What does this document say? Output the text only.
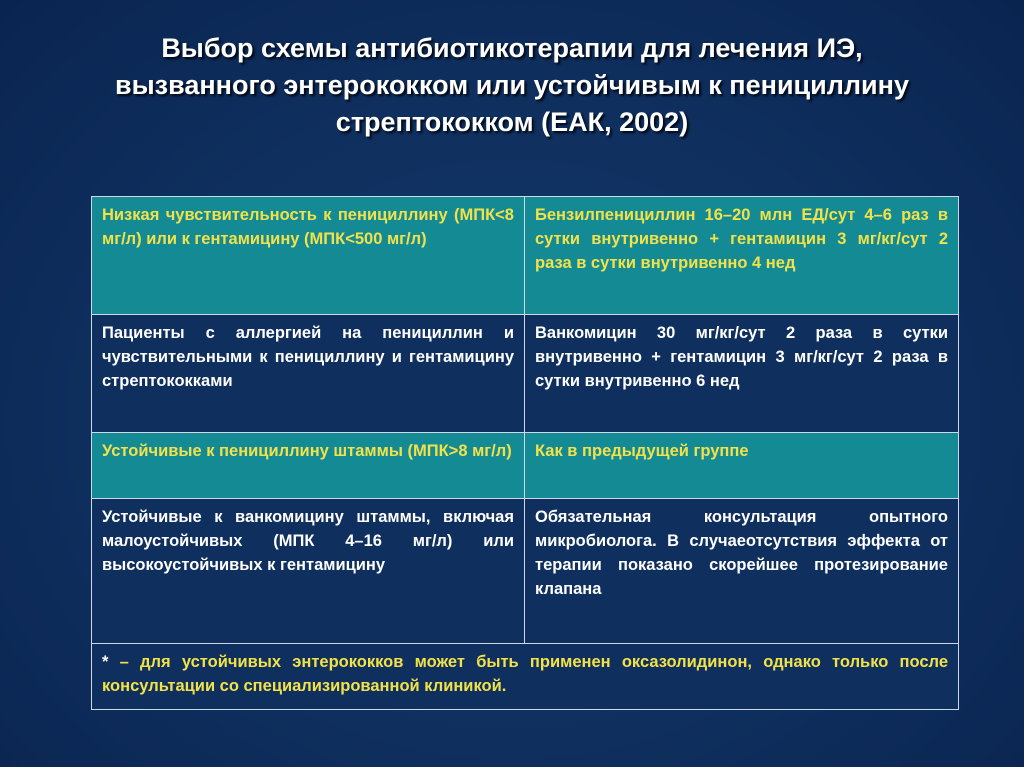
Выбор схемы антибиотикотерапии для лечения ИЭ,
вызванного энтерококком или устойчивым к пенициллину
стрептококком (ЕАК, 2002)
Низкая чувствительность к пенициллину (МПК<8 мг/л) или к гентамицину (МПК<500 мг/л)	Бензилпенициллин 16–20 млн ЕД/сут 4–6 раз в сутки внутривенно + гентамицин 3 мг/кг/сут 2 раза в сутки внутривенно 4 нед
Пациенты с аллергией на пенициллин и чувствительными к пенициллину и гентамицину стрептококками	Ванкомицин 30 мг/кг/сут 2 раза в сутки внутривенно + гентамицин 3 мг/кг/сут 2 раза в сутки внутривенно 6 нед
Устойчивые к пенициллину штаммы (МПК>8 мг/л)	Как в предыдущей группе
Устойчивые к ванкомицину штаммы, включая малоустойчивых (МПК 4–16 мг/л) или высокоустойчивых к гентамицину	Обязательная консультация опытного микробиолога. В случаеотсутствия эффекта от терапии показано скорейшее протезирование клапана
* – для устойчивых энтерококков может быть применен оксазолидинон, однако только после консультации со специализированной клиникой.	
